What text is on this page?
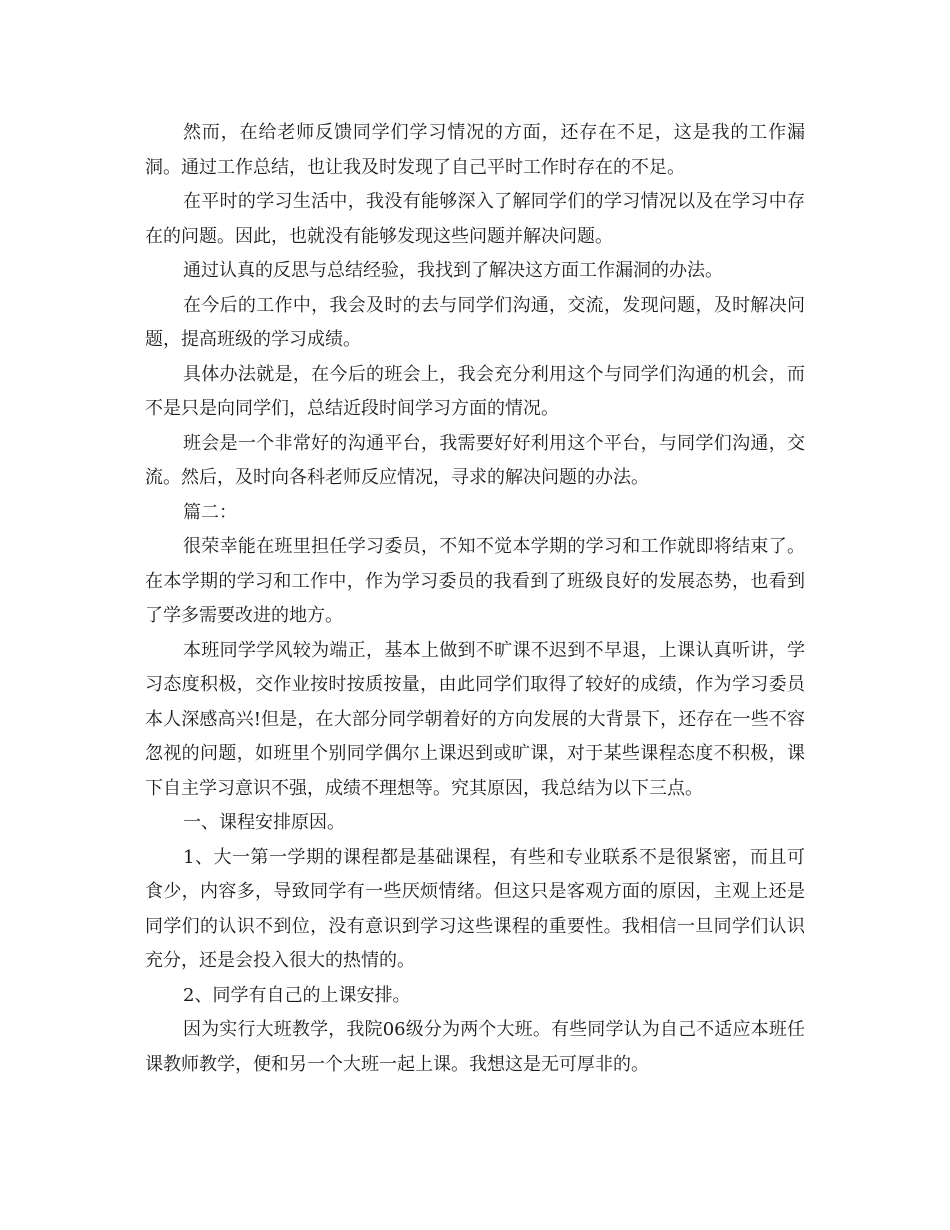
然而，在给老师反馈同学们学习情况的方面，还存在不足，这是我的工作漏洞。通过工作总结，也让我及时发现了自己平时工作时存在的不足。

在平时的学习生活中，我没有能够深入了解同学们的学习情况以及在学习中存在的问题。因此，也就没有能够发现这些问题并解决问题。

通过认真的反思与总结经验，我找到了解决这方面工作漏洞的办法。

在今后的工作中，我会及时的去与同学们沟通，交流，发现问题，及时解决问题，提高班级的学习成绩。

具体办法就是，在今后的班会上，我会充分利用这个与同学们沟通的机会，而不是只是向同学们，总结近段时间学习方面的情况。

班会是一个非常好的沟通平台，我需要好好利用这个平台，与同学们沟通，交流。然后，及时向各科老师反应情况，寻求的解决问题的办法。

篇二：

很荣幸能在班里担任学习委员，不知不觉本学期的学习和工作就即将结束了。在本学期的学习和工作中，作为学习委员的我看到了班级良好的发展态势，也看到了学多需要改进的地方。

本班同学学风较为端正，基本上做到不旷课不迟到不早退，上课认真听讲，学习态度积极，交作业按时按质按量，由此同学们取得了较好的成绩，作为学习委员本人深感高兴!但是，在大部分同学朝着好的方向发展的大背景下，还存在一些不容忽视的问题，如班里个别同学偶尔上课迟到或旷课，对于某些课程态度不积极，课下自主学习意识不强，成绩不理想等。究其原因，我总结为以下三点。

一、课程安排原因。

1、大一第一学期的课程都是基础课程，有些和专业联系不是很紧密，而且可食少，内容多，导致同学有一些厌烦情绪。但这只是客观方面的原因，主观上还是同学们的认识不到位，没有意识到学习这些课程的重要性。我相信一旦同学们认识充分，还是会投入很大的热情的。

2、同学有自己的上课安排。

因为实行大班教学，我院06级分为两个大班。有些同学认为自己不适应本班任课教师教学，便和另一个大班一起上课。我想这是无可厚非的。
